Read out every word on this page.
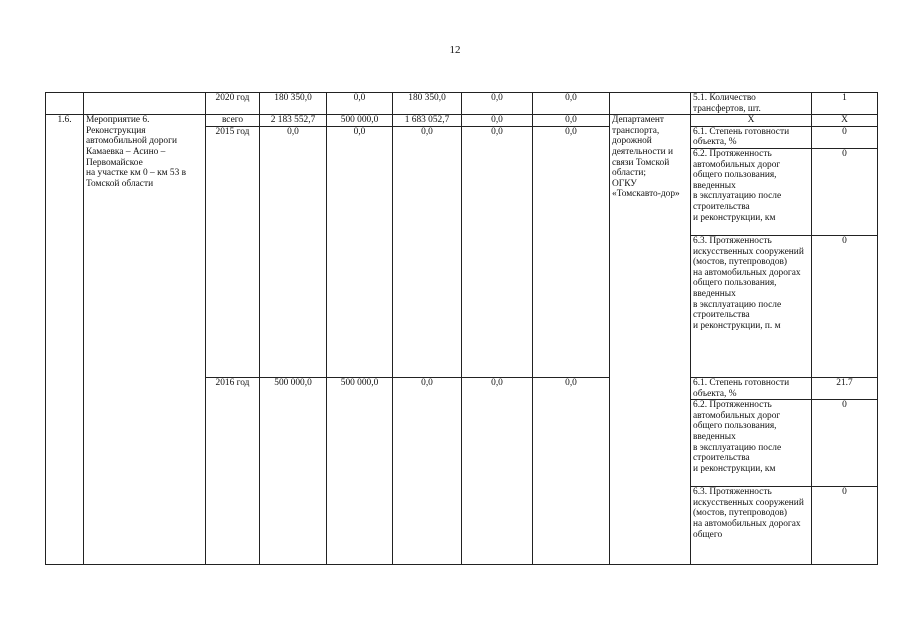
12
		2020 год	180 350,0	0,0	180 350,0	0,0	0,0		5.1. Количество трансфертов, шт.	1
1.6.	Мероприятие 6.
Реконструкция автомобильной дороги
Камаевка – Асино – Первомайское
на участке км 0 – км 53 в Томской области	всего	2 183 552,7	500 000,0	1 683 052,7	0,0	0,0	Департамент транспорта, дорожной деятельности и связи Томской области;
ОГКУ «Томскавто-дор»	Х	Х
		2015 год	0,0	0,0	0,0	0,0	0,0		6.1. Степень готовности объекта, %	0
									6.2. Протяженность автомобильных дорог общего пользования, введенных
в эксплуатацию после строительства
и реконструкции, км	0
									6.3. Протяженность искусственных сооружений (мостов, путепроводов)
на автомобильных дорогах общего пользования, введенных
в эксплуатацию после строительства
и реконструкции, п. м	0
		2016 год	500 000,0	500 000,0	0,0	0,0	0,0		6.1. Степень готовности объекта, %	21.7
									6.2. Протяженность автомобильных дорог общего пользования, введенных
в эксплуатацию после строительства
и реконструкции, км	0
									6.3. Протяженность искусственных сооружений (мостов, путепроводов)
на автомобильных дорогах общего	0
